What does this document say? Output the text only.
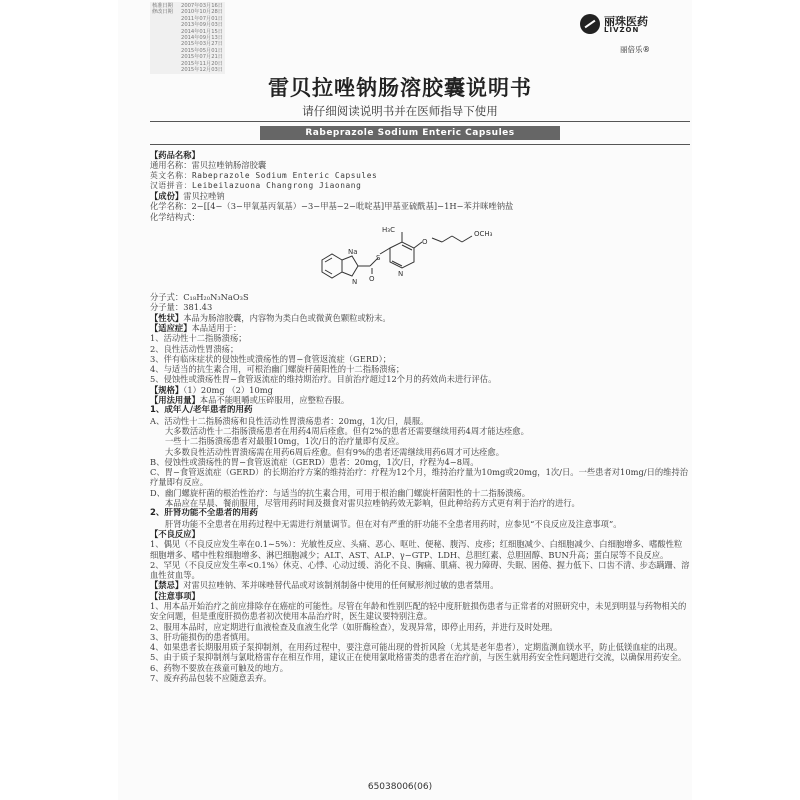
核准日期 2007年03月16日
修改日期 2010年10月28日
2011年07月01日
2013年09月03日
2014年01月15日
2014年09月13日
2015年03月27日
2015年05月01日
2015年07月21日
2015年11月20日
2015年12月03日
丽珠医药
LIVZON
丽倍乐®
雷贝拉唑钠肠溶胶囊说明书
请仔细阅读说明书并在医师指导下使用
Rabeprazole Sodium Enteric Capsules
【药品名称】
通用名称：雷贝拉唑钠肠溶胶囊
英文名称：Rabeprazole Sodium Enteric Capsules
汉语拼音：Leibeilazuona Changrong Jiaonang
【成份】雷贝拉唑钠
化学名称：2−[[4−（3−甲氧基丙氧基）−3−甲基−2−吡啶基]甲基亚硫酰基]−1H−苯并咪唑钠盐
化学结构式：
Na
N
S
O
H₃C
O
OCH₃
N
分子式：C₁₈H₂₀N₃NaO₃S
分子量：381.43
【性状】本品为肠溶胶囊，内容物为类白色或微黄色颗粒或粉末。
【适应症】本品适用于：
1、活动性十二指肠溃疡；
2、良性活动性胃溃疡；
3、伴有临床症状的侵蚀性或溃疡性的胃−食管返流症（GERD）；
4、与适当的抗生素合用，可根治幽门螺旋杆菌阳性的十二指肠溃疡；
5、侵蚀性或溃疡性胃−食管返流症的维持期治疗。目前治疗超过12个月的药效尚未进行评估。
【规格】（1）20mg （2）10mg
【用法用量】本品不能咀嚼或压碎服用，应整粒吞服。
1、成年人/老年患者的用药
A、活动性十二指肠溃疡和良性活动性胃溃疡患者：20mg，1次/日，晨服。
大多数活动性十二指肠溃疡患者在用药4周后痊愈。但有2%的患者还需要继续用药4周才能达痊愈。
一些十二指肠溃疡患者对最服10mg，1次/日的治疗量即有反应。
大多数良性活动性胃溃疡需在用药6周后痊愈。但有9%的患者还需继续用药6周才可达痊愈。
B、侵蚀性或溃疡性的胃−食管返流症（GERD）患者：20mg，1次/日，疗程为4−8周。
C、胃−食管返流症（GERD）的长期治疗方案的维持治疗：疗程为12个月，维持治疗量为10mg或20mg，1次/日。一些患者对10mg/日的维持治疗量即有反应。
D、幽门螺旋杆菌的根治性治疗：与适当的抗生素合用，可用于根治幽门螺旋杆菌阳性的十二指肠溃疡。
本品应在早晨、餐前服用，尽管用药时间及摄食对雷贝拉唑钠药效无影响，但此种给药方式更有利于治疗的进行。
2、肝肾功能不全患者的用药
肝肾功能不全患者在用药过程中无需进行剂量调节。但在对有严重的肝功能不全患者用药时，应参见“不良反应及注意事项”。
【不良反应】
1、偶见（不良反应发生率在0.1∼5%）：光敏性反应、头痛、恶心、呕吐、便秘、腹泻、皮疹；红细胞减少、白细胞减少、白细胞增多、嗜酸性粒细胞增多、嗜中性粒细胞增多、淋巴细胞减少；ALT、AST、ALP、γ−GTP、LDH、总胆红素、总胆固醇、BUN升高；蛋白尿等不良反应。
2、罕见（不良反应发生率<0.1%）休克、心悸、心动过缓、消化不良、胸痛、肌痛、视力障碍、失眠、困倦、握力低下、口齿不清、步态蹒跚、溶血性贫血等。
【禁忌】对雷贝拉唑钠、苯并咪唑替代品或对该制剂制备中使用的任何赋形剂过敏的患者禁用。
【注意事项】
1、用本品开始治疗之前应排除存在癌症的可能性。尽管在年龄和性别匹配的轻中度肝脏损伤患者与正常者的对照研究中，未见到明显与药物相关的安全问题，但是重度肝损伤患者初次使用本品治疗时，医生建议要特别注意。
2、服用本品时，应定期进行血液检查及血液生化学（如肝酶检查），发现异常，即停止用药，并进行及时处理。
3、肝功能损伤的患者慎用。
4、如果患者长期服用质子泵抑制剂，在用药过程中，要注意可能出现的骨折风险（尤其是老年患者），定期监测血镁水平，防止低镁血症的出现。
5、由于质子泵抑制剂与氯吡格雷存在相互作用，建议正在使用氯吡格雷类的患者在治疗前，与医生就用药安全性问题进行交流，以确保用药安全。
6、药物不要放在孩童可触及的地方。
7、废弃药品包装不应随意丢弃。
65038006(06)
